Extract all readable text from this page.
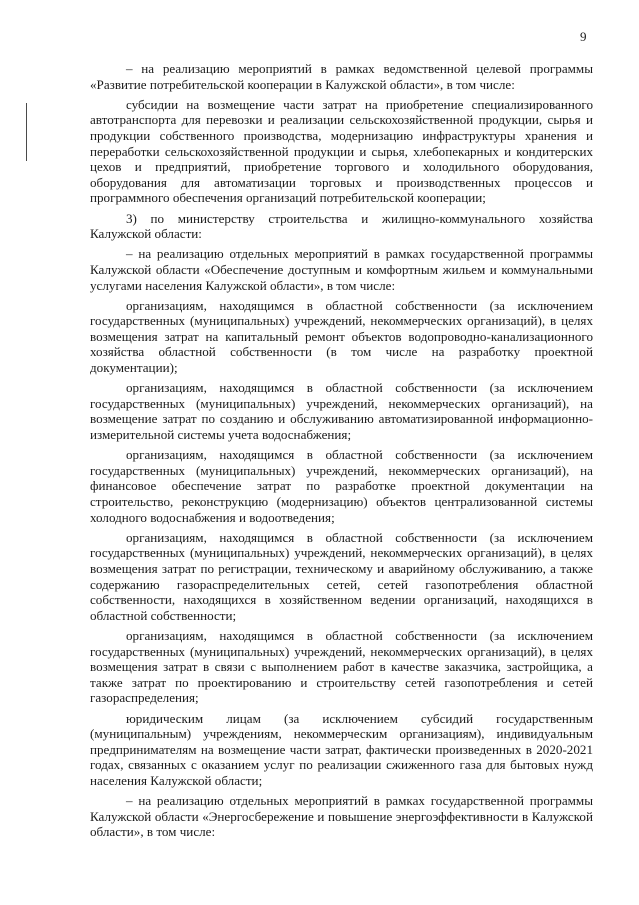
9

– на реализацию мероприятий в рамках ведомственной целевой программы «Развитие потребительской кооперации в Калужской области», в том числе:

субсидии на возмещение части затрат на приобретение специализированного автотранспорта для перевозки и реализации сельскохозяйственной продукции, сырья и продукции собственного производства, модернизацию инфраструктуры хранения и переработки сельскохозяйственной продукции и сырья, хлебопекарных и кондитерских цехов и предприятий, приобретение торгового и холодильного оборудования, оборудования для автоматизации торговых и производственных процессов и программного обеспечения организаций потребительской кооперации;

3) по министерству строительства и жилищно-коммунального хозяйства Калужской области:

– на реализацию отдельных мероприятий в рамках государственной программы Калужской области «Обеспечение доступным и комфортным жильем и коммунальными услугами населения Калужской области», в том числе:

организациям, находящимся в областной собственности (за исключением государственных (муниципальных) учреждений, некоммерческих организаций), в целях возмещения затрат на капитальный ремонт объектов водопроводно-канализационного хозяйства областной собственности (в том числе на разработку проектной документации);

организациям, находящимся в областной собственности (за исключением государственных (муниципальных) учреждений, некоммерческих организаций), на возмещение затрат по созданию и обслуживанию автоматизированной информационно-измерительной системы учета водоснабжения;

организациям, находящимся в областной собственности (за исключением государственных (муниципальных) учреждений, некоммерческих организаций), на финансовое обеспечение затрат по разработке проектной документации на строительство, реконструкцию (модернизацию) объектов централизованной системы холодного водоснабжения и водоотведения;

организациям, находящимся в областной собственности (за исключением государственных (муниципальных) учреждений, некоммерческих организаций), в целях возмещения затрат по регистрации, техническому и аварийному обслуживанию, а также содержанию газораспределительных сетей, сетей газопотребления областной собственности, находящихся в хозяйственном ведении организаций, находящихся в областной собственности;

организациям, находящимся в областной собственности (за исключением государственных (муниципальных) учреждений, некоммерческих организаций), в целях возмещения затрат в связи с выполнением работ в качестве заказчика, застройщика, а также затрат по проектированию и строительству сетей газопотребления и сетей газораспределения;

юридическим лицам (за исключением субсидий государственным (муниципальным) учреждениям, некоммерческим организациям), индивидуальным предпринимателям на возмещение части затрат, фактически произведенных в 2020-2021 годах, связанных с оказанием услуг по реализации сжиженного газа для бытовых нужд населения Калужской области;

– на реализацию отдельных мероприятий в рамках государственной программы Калужской области «Энергосбережение и повышение энергоэффективности в Калужской области», в том числе:
